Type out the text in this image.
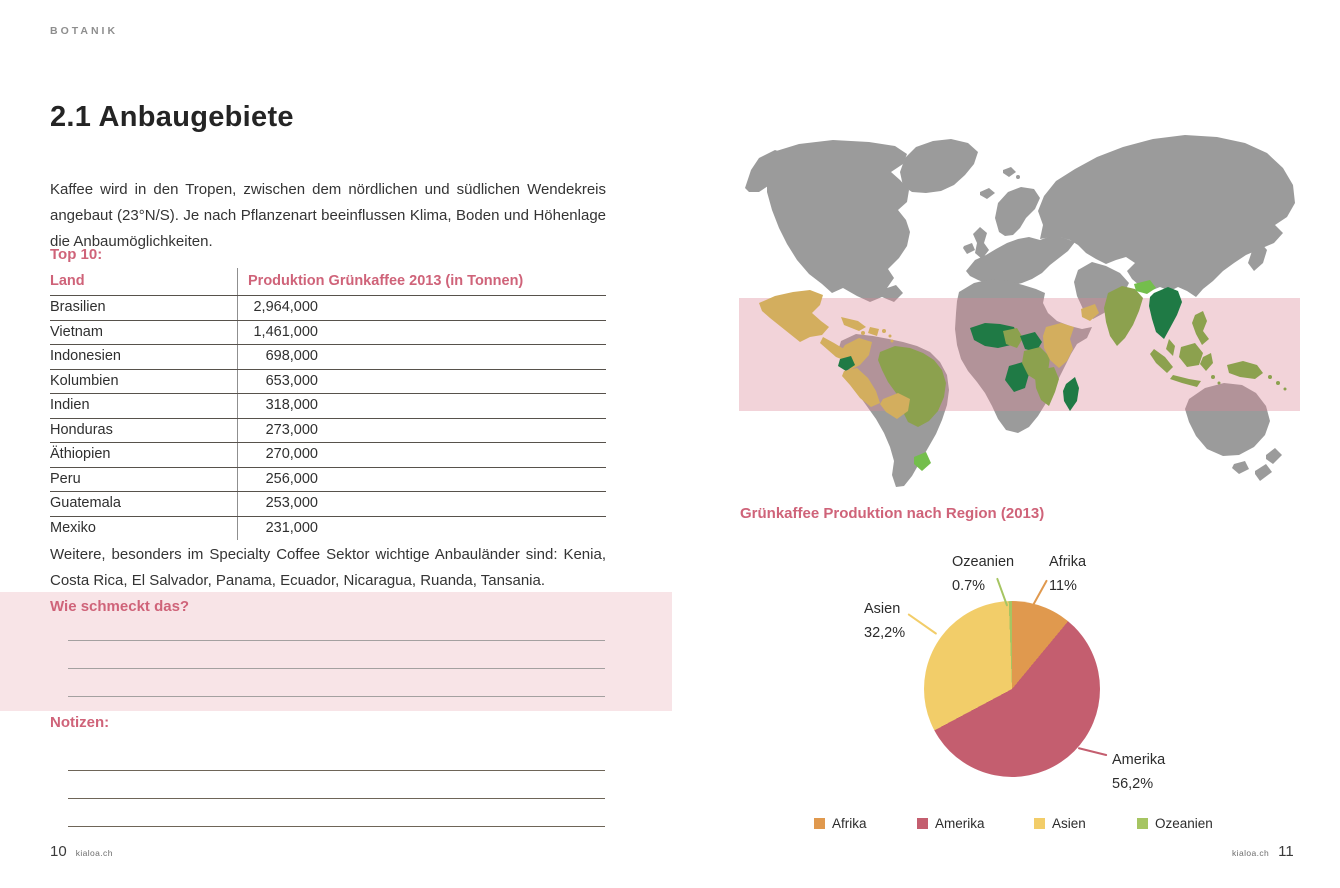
BOTANIK
2.1 Anbaugebiete

Kaffee wird in den Tropen, zwischen dem nördlichen und südlichen Wendekreis angebaut (23°N/S). Je nach Pflanzenart beeinflussen Klima, Boden und Höhenlage die Anbaumöglichkeiten.

Top 10:
Land	Produktion Grünkaffee 2013 (in Tonnen)
Brasilien	2,964,000
Vietnam	1,461,000
Indonesien	698,000
Kolumbien	653,000
Indien	318,000
Honduras	273,000
Äthiopien	270,000
Peru	256,000
Guatemala	253,000
Mexiko	231,000

Weitere, besonders im Specialty Coffee Sektor wichtige Anbauländer sind: Kenia, Costa Rica, El Salvador, Panama, Ecuador, Nicaragua, Ruanda, Tansania.

Wie schmeckt das?
Notizen:
10 kialoa.ch	kialoa.ch 11
Grünkaffee Produktion nach Region (2013)
Ozeanien
0.7%
Afrika
11%
Asien
32,2%
Amerika
56,2%
Afrika	Amerika	Asien	Ozeanien
